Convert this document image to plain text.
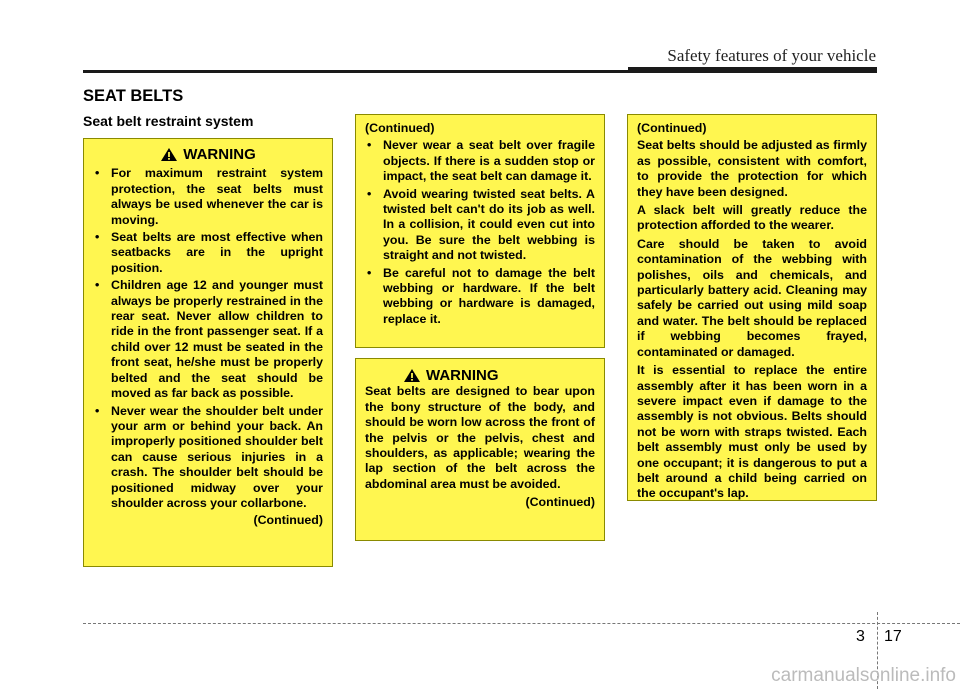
Safety features of your vehicle
SEAT BELTS
Seat belt restraint system
WARNING
• For maximum restraint system protection, the seat belts must always be used whenever the car is moving.
• Seat belts are most effective when seatbacks are in the upright position.
• Children age 12 and younger must always be properly restrained in the rear seat. Never allow children to ride in the front passenger seat. If a child over 12 must be seated in the front seat, he/she must be properly belted and the seat should be moved as far back as possible.
• Never wear the shoulder belt under your arm or behind your back. An improperly positioned shoulder belt can cause serious injuries in a crash. The shoulder belt should be positioned midway over your shoulder across your collarbone.
(Continued)
(Continued)
• Never wear a seat belt over fragile objects. If there is a sudden stop or impact, the seat belt can damage it.
• Avoid wearing twisted seat belts. A twisted belt can't do its job as well. In a collision, it could even cut into you. Be sure the belt webbing is straight and not twisted.
• Be careful not to damage the belt webbing or hardware. If the belt webbing or hardware is damaged, replace it.
WARNING
Seat belts are designed to bear upon the bony structure of the body, and should be worn low across the front of the pelvis or the pelvis, chest and shoulders, as applicable; wearing the lap section of the belt across the abdominal area must be avoided.
(Continued)
(Continued)
Seat belts should be adjusted as firmly as possible, consistent with comfort, to provide the protection for which they have been designed.
A slack belt will greatly reduce the protection afforded to the wearer.
Care should be taken to avoid contamination of the webbing with polishes, oils and chemicals, and particularly battery acid. Cleaning may safely be carried out using mild soap and water. The belt should be replaced if webbing becomes frayed, contaminated or damaged.
It is essential to replace the entire assembly after it has been worn in a severe impact even if damage to the assembly is not obvious. Belts should not be worn with straps twisted. Each belt assembly must only be used by one occupant; it is dangerous to put a belt around a child being carried on the occupant's lap.
3 17
carmanualsonline.info
